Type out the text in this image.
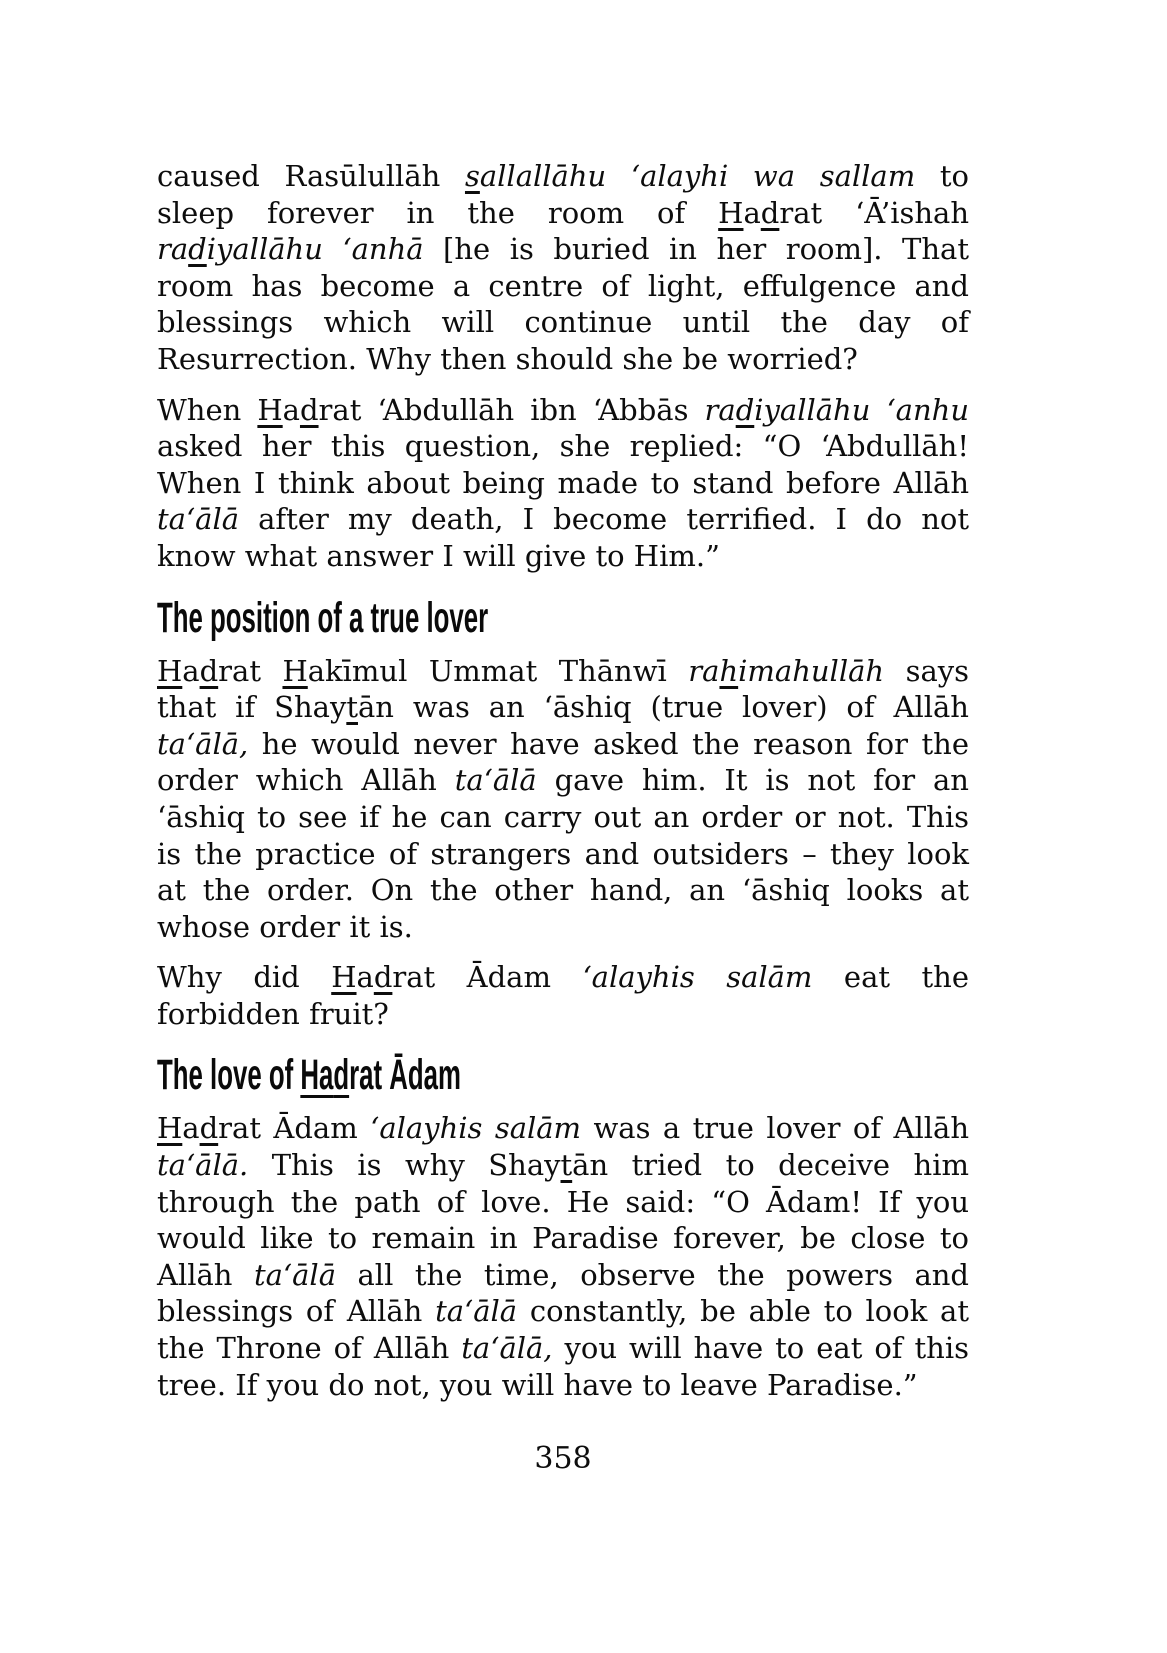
caused Rasūlullāh sallallāhu ‘alayhi wa sallam to
sleep forever in the room of Hadrat ‘Ā’ishah
radiyallāhu ‘anhā [he is buried in her room]. That
room has become a centre of light, effulgence and
blessings which will continue until the day of
Resurrection. Why then should she be worried?
When Hadrat ‘Abdullāh ibn ‘Abbās radiyallāhu ‘anhu
asked her this question, she replied: “O ‘Abdullāh!
When I think about being made to stand before Allāh
ta‘ālā after my death, I become terrified. I do not
know what answer I will give to Him.”
The position of a true lover
Hadrat Hakīmul Ummat Thānwī rahimahullāh says
that if Shaytān was an ‘āshiq (true lover) of Allāh
ta‘ālā, he would never have asked the reason for the
order which Allāh ta‘ālā gave him. It is not for an
‘āshiq to see if he can carry out an order or not. This
is the practice of strangers and outsiders – they look
at the order. On the other hand, an ‘āshiq looks at
whose order it is.
Why did Hadrat Ādam ‘alayhis salām eat the
forbidden fruit?
The love of Hadrat Ādam
Hadrat Ādam ‘alayhis salām was a true lover of Allāh
ta‘ālā. This is why Shaytān tried to deceive him
through the path of love. He said: “O Ādam! If you
would like to remain in Paradise forever, be close to
Allāh ta‘ālā all the time, observe the powers and
blessings of Allāh ta‘ālā constantly, be able to look at
the Throne of Allāh ta‘ālā, you will have to eat of this
tree. If you do not, you will have to leave Paradise.”
358
